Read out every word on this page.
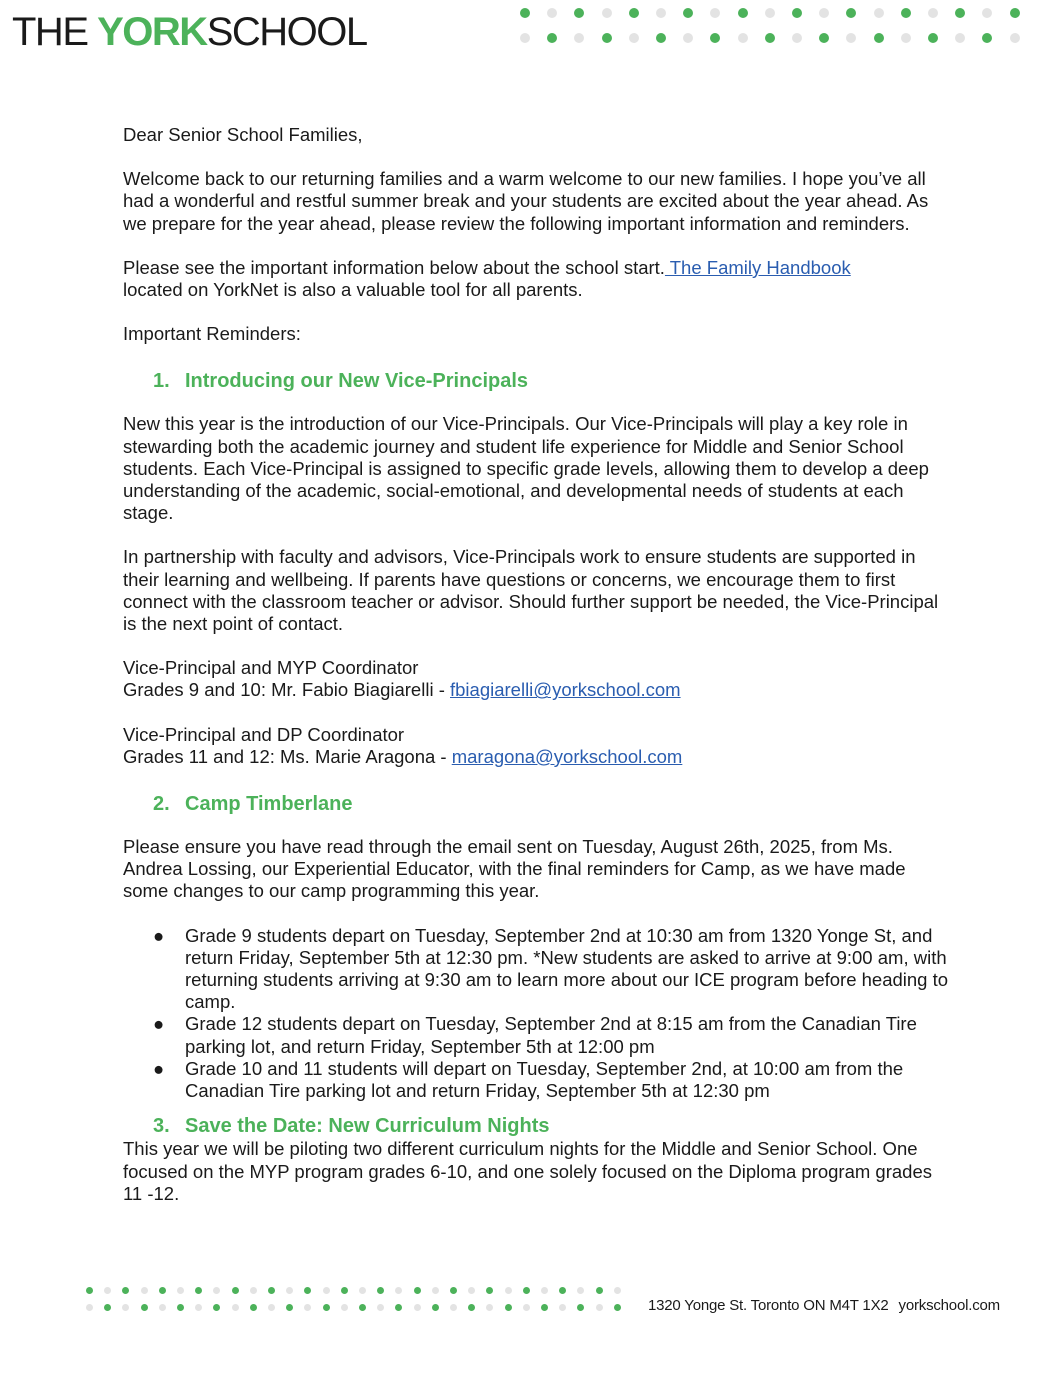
THE YORKSCHOOL

Dear Senior School Families,

Welcome back to our returning families and a warm welcome to our new families. I hope you’ve all had a wonderful and restful summer break and your students are excited about the year ahead. As we prepare for the year ahead, please review the following important information and reminders.

Please see the important information below about the school start. The Family Handbook
located on YorkNet is also a valuable tool for all parents.

Important Reminders:

1. Introducing our New Vice-Principals

New this year is the introduction of our Vice-Principals. Our Vice-Principals will play a key role in stewarding both the academic journey and student life experience for Middle and Senior School students. Each Vice-Principal is assigned to specific grade levels, allowing them to develop a deep understanding of the academic, social-emotional, and developmental needs of students at each stage.

In partnership with faculty and advisors, Vice-Principals work to ensure students are supported in their learning and wellbeing. If parents have questions or concerns, we encourage them to first connect with the classroom teacher or advisor. Should further support be needed, the Vice-Principal is the next point of contact.

Vice-Principal and MYP Coordinator
Grades 9 and 10: Mr. Fabio Biagiarelli - fbiagiarelli@yorkschool.com
Vice-Principal and DP Coordinator
Grades 11 and 12: Ms. Marie Aragona - maragona@yorkschool.com
2. Camp Timberlane

Please ensure you have read through the email sent on Tuesday, August 26th, 2025, from Ms. Andrea Lossing, our Experiential Educator, with the final reminders for Camp, as we have made some changes to our camp programming this year.

● Grade 9 students depart on Tuesday, September 2nd at 10:30 am from 1320 Yonge St, and return Friday, September 5th at 12:30 pm. *New students are asked to arrive at 9:00 am, with returning students arriving at 9:30 am to learn more about our ICE program before heading to camp.
● Grade 12 students depart on Tuesday, September 2nd at 8:15 am from the Canadian Tire parking lot, and return Friday, September 5th at 12:00 pm
● Grade 10 and 11 students will depart on Tuesday, September 2nd, at 10:00 am from the Canadian Tire parking lot and return Friday, September 5th at 12:30 pm
3. Save the Date: New Curriculum Nights

This year we will be piloting two different curriculum nights for the Middle and Senior School. One focused on the MYP program grades 6-10, and one solely focused on the Diploma program grades 11 -12.

1320 Yonge St. Toronto ON M4T 1X2 yorkschool.com
